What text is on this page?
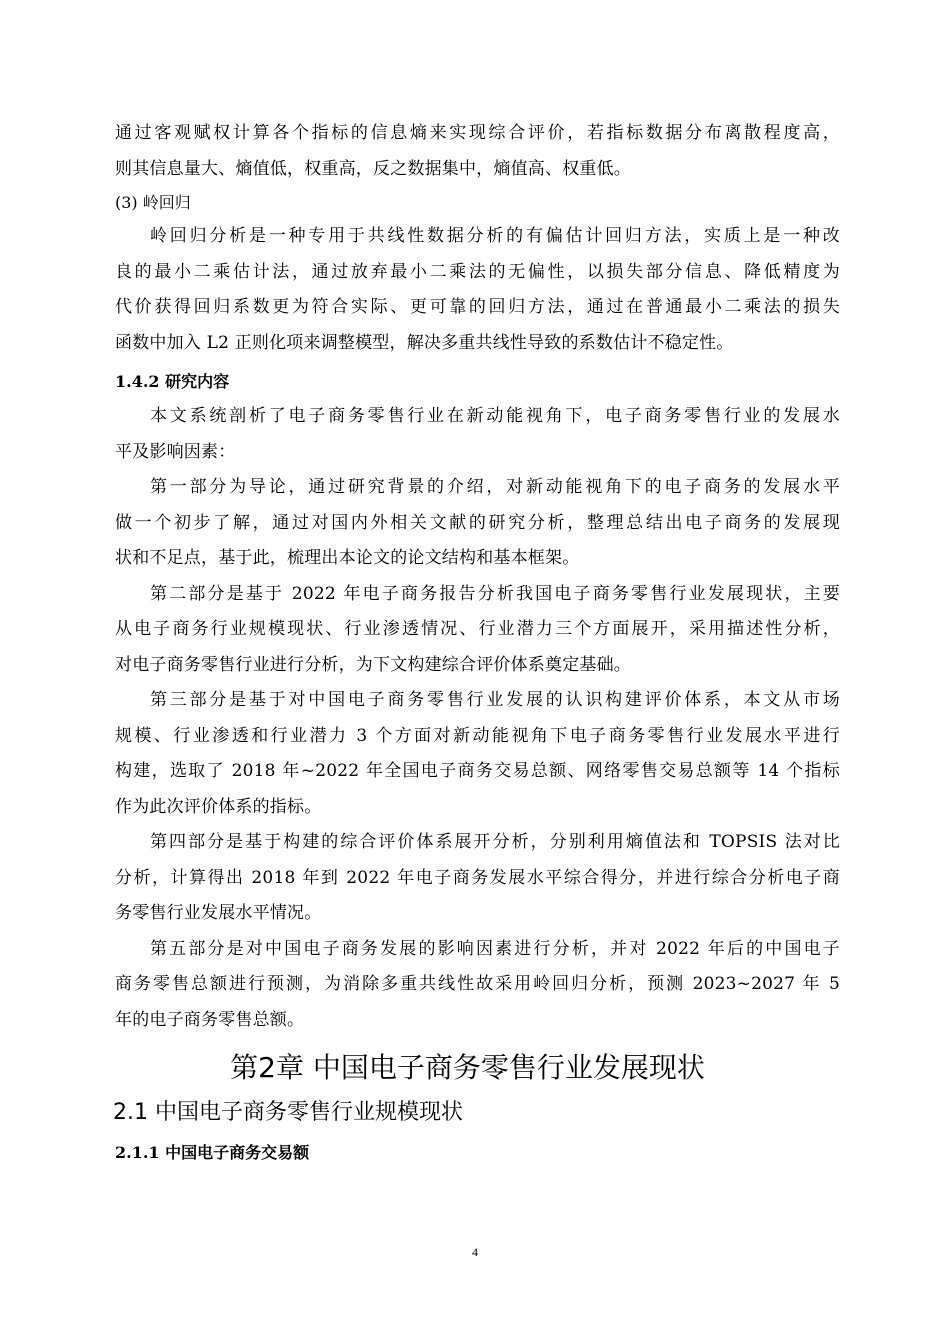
通过客观赋权计算各个指标的信息熵来实现综合评价，若指标数据分布离散程度高，
则其信息量大、熵值低，权重高，反之数据集中，熵值高、权重低。
(3) 岭回归
岭回归分析是一种专用于共线性数据分析的有偏估计回归方法，实质上是一种改
良的最小二乘估计法，通过放弃最小二乘法的无偏性，以损失部分信息、降低精度为
代价获得回归系数更为符合实际、更可靠的回归方法，通过在普通最小二乘法的损失
函数中加入 L2 正则化项来调整模型，解决多重共线性导致的系数估计不稳定性。
1.4.2 研究内容
本文系统剖析了电子商务零售行业在新动能视角下，电子商务零售行业的发展水
平及影响因素：
第一部分为导论，通过研究背景的介绍，对新动能视角下的电子商务的发展水平
做一个初步了解，通过对国内外相关文献的研究分析，整理总结出电子商务的发展现
状和不足点，基于此，梳理出本论文的论文结构和基本框架。
第二部分是基于 2022 年电子商务报告分析我国电子商务零售行业发展现状，主要
从电子商务行业规模现状、行业渗透情况、行业潜力三个方面展开，采用描述性分析，
对电子商务零售行业进行分析，为下文构建综合评价体系奠定基础。
第三部分是基于对中国电子商务零售行业发展的认识构建评价体系，本文从市场
规模、行业渗透和行业潜力 3 个方面对新动能视角下电子商务零售行业发展水平进行
构建，选取了 2018 年~2022 年全国电子商务交易总额、网络零售交易总额等 14 个指标
作为此次评价体系的指标。
第四部分是基于构建的综合评价体系展开分析，分别利用熵值法和 TOPSIS 法对比
分析，计算得出 2018 年到 2022 年电子商务发展水平综合得分，并进行综合分析电子商
务零售行业发展水平情况。
第五部分是对中国电子商务发展的影响因素进行分析，并对 2022 年后的中国电子
商务零售总额进行预测，为消除多重共线性故采用岭回归分析，预测 2023~2027 年 5
年的电子商务零售总额。
第2章 中国电子商务零售行业发展现状
2.1 中国电子商务零售行业规模现状
2.1.1 中国电子商务交易额
4
